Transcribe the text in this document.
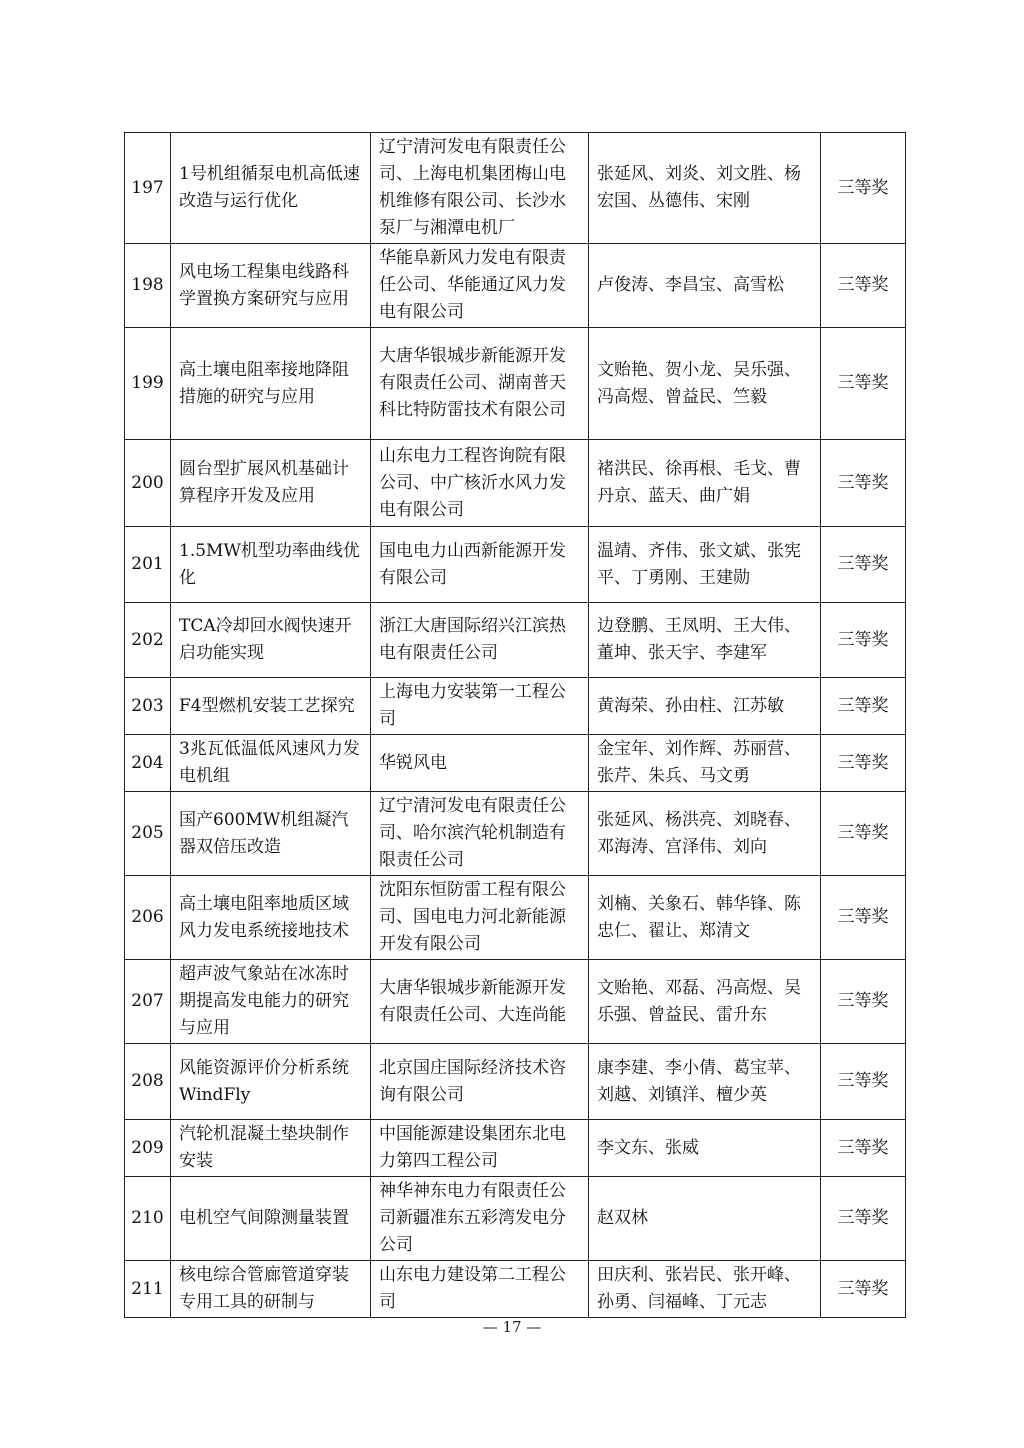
197	1号机组循泵电机高低速改造与运行优化	辽宁清河发电有限责任公司、上海电机集团梅山电机维修有限公司、长沙水泵厂与湘潭电机厂	张延风、刘炎、刘文胜、杨宏国、丛德伟、宋刚	三等奖
198	风电场工程集电线路科学置换方案研究与应用	华能阜新风力发电有限责任公司、华能通辽风力发电有限公司	卢俊涛、李昌宝、高雪松	三等奖
199	高土壤电阻率接地降阻措施的研究与应用	大唐华银城步新能源开发有限责任公司、湖南普天科比特防雷技术有限公司	文贻艳、贺小龙、吴乐强、冯高煜、曾益民、竺毅	三等奖
200	圆台型扩展风机基础计算程序开发及应用	山东电力工程咨询院有限公司、中广核沂水风力发电有限公司	褚洪民、徐再根、毛戈、曹丹京、蓝天、曲广娟	三等奖
201	1.5MW机型功率曲线优化	国电电力山西新能源开发有限公司	温靖、齐伟、张文斌、张宪平、丁勇刚、王建勋	三等奖
202	TCA冷却回水阀快速开启功能实现	浙江大唐国际绍兴江滨热电有限责任公司	边登鹏、王凤明、王大伟、董坤、张天宇、李建军	三等奖
203	F4型燃机安装工艺探究	上海电力安装第一工程公司	黄海荣、孙由柱、江苏敏	三等奖
204	3兆瓦低温低风速风力发电机组	华锐风电	金宝年、刘作辉、苏丽营、张芹、朱兵、马文勇	三等奖
205	国产600MW机组凝汽器双倍压改造	辽宁清河发电有限责任公司、哈尔滨汽轮机制造有限责任公司	张延风、杨洪亮、刘晓春、邓海涛、宫泽伟、刘向	三等奖
206	高土壤电阻率地质区域风力发电系统接地技术	沈阳东恒防雷工程有限公司、国电电力河北新能源开发有限公司	刘楠、关象石、韩华锋、陈忠仁、翟让、郑清文	三等奖
207	超声波气象站在冰冻时期提高发电能力的研究与应用	大唐华银城步新能源开发有限责任公司、大连尚能	文贻艳、邓磊、冯高煜、吴乐强、曾益民、雷升东	三等奖
208	风能资源评价分析系统WindFly	北京国庄国际经济技术咨询有限公司	康李建、李小倩、葛宝苹、刘越、刘镇洋、檀少英	三等奖
209	汽轮机混凝土垫块制作安装	中国能源建设集团东北电力第四工程公司	李文东、张威	三等奖
210	电机空气间隙测量装置	神华神东电力有限责任公司新疆准东五彩湾发电分公司	赵双林	三等奖
211	核电综合管廊管道穿装专用工具的研制与	山东电力建设第二工程公司	田庆利、张岩民、张开峰、孙勇、闫福峰、丁元志	三等奖
— 17 —
